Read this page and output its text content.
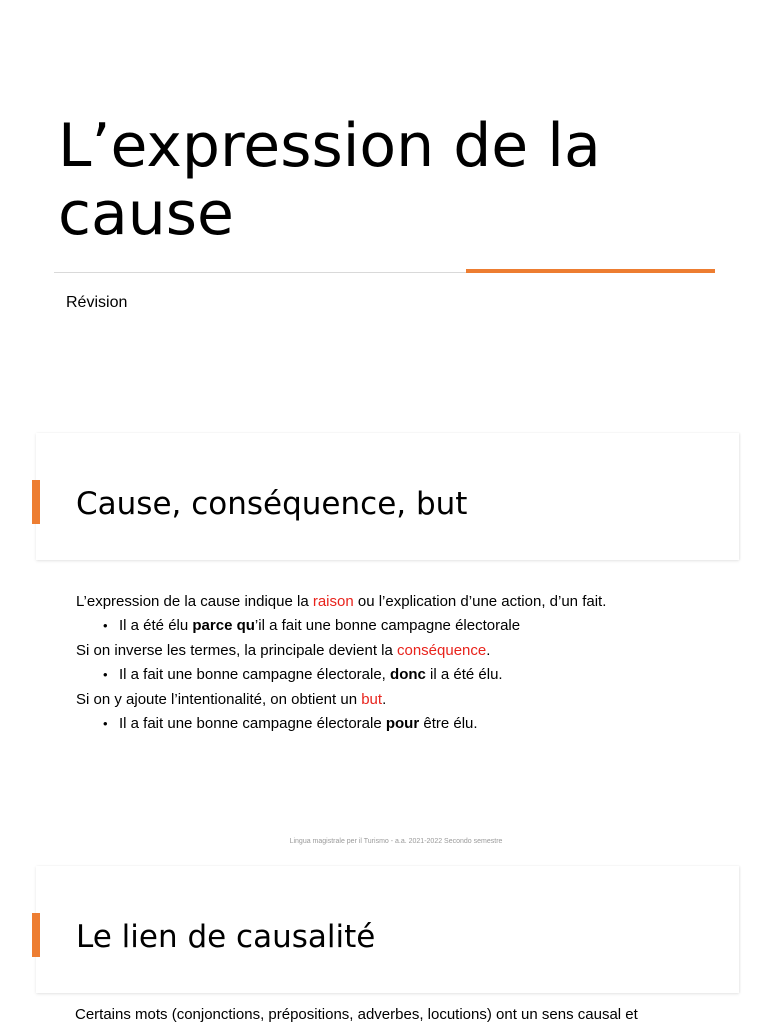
L’expression de la
cause

Révision

Cause, conséquence, but

L’expression de la cause indique la raison ou l’explication d’une action, d’un fait.

• Il a été élu parce qu’il a fait une bonne campagne électorale

Si on inverse les termes, la principale devient la conséquence.

• Il a fait une bonne campagne électorale, donc il a été élu.

Si on y ajoute l’intentionalité, on obtient un but.

• Il a fait une bonne campagne électorale pour être élu.

Lingua magistrale per il Turismo - a.a. 2021-2022 Secondo semestre
Le lien de causalité
Certains mots (conjonctions, prépositions, adverbes, locutions) ont un sens causal et
